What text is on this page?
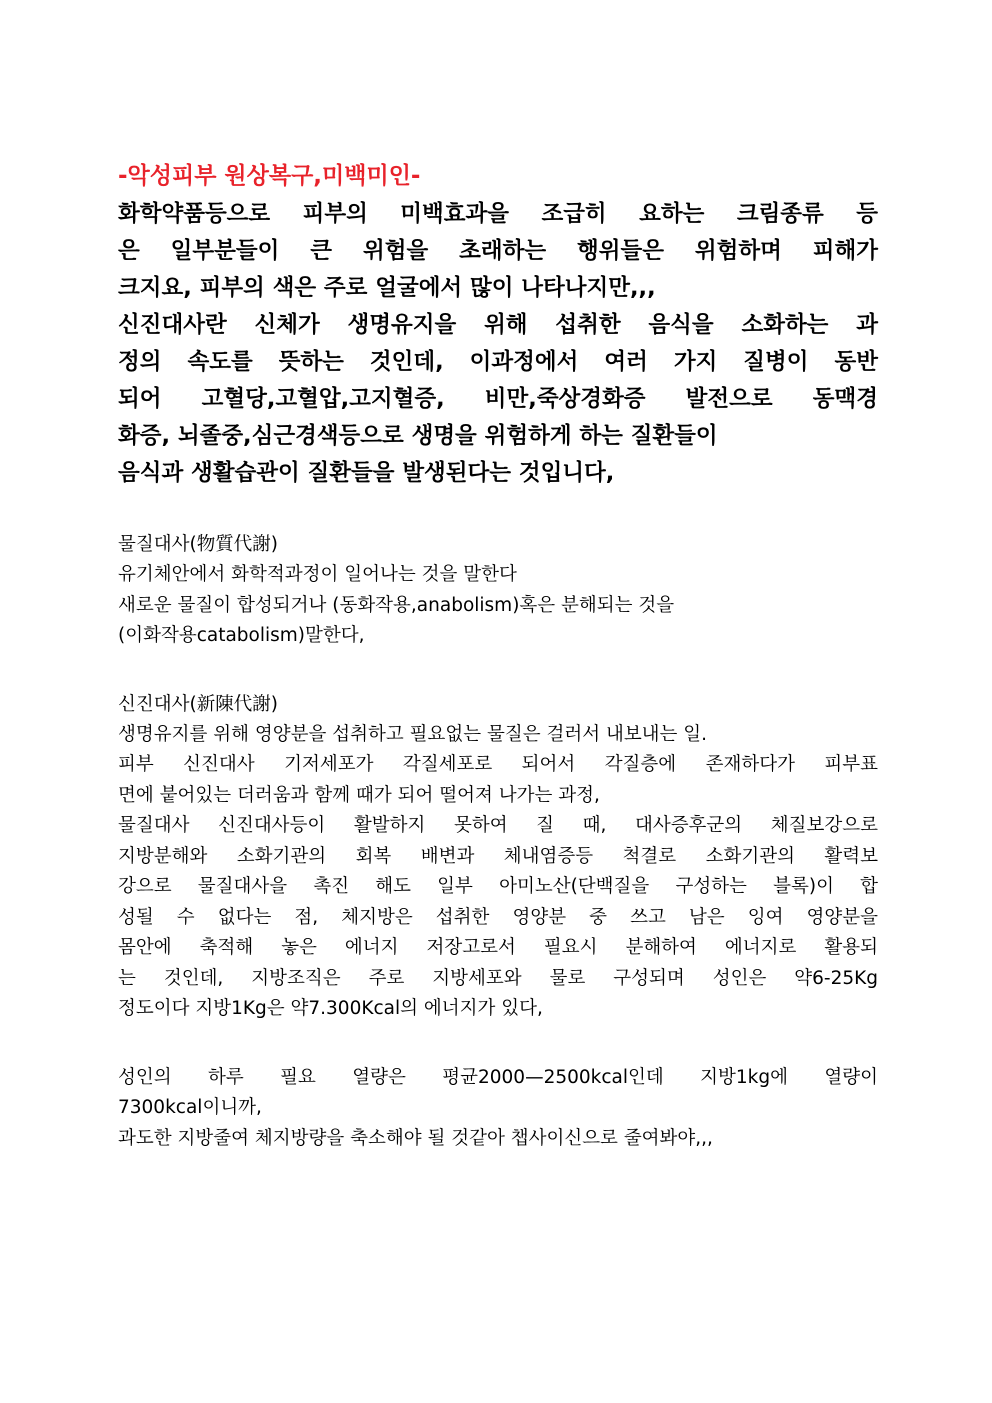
-악성피부 원상복구,미백미인-
화학약품등으로 피부의 미백효과을 조급히 요하는 크림종류 등
은 일부분들이 큰 위험을 초래하는 행위들은 위험하며 피해가
크지요, 피부의 색은 주로 얼굴에서 많이 나타나지만,,,
신진대사란 신체가 생명유지을 위해 섭취한 음식을 소화하는 과
정의 속도를 뜻하는 것인데, 이과정에서 여러 가지 질병이 동반
되어 고혈당,고혈압,고지혈증, 비만,죽상경화증 발전으로 동맥경
화증, 뇌졸중,심근경색등으로 생명을 위험하게 하는 질환들이
음식과 생활습관이 질환들을 발생된다는 것입니다,
물질대사(物質代謝)
유기체안에서 화학적과정이 일어나는 것을 말한다
새로운 물질이 합성되거나 (동화작용,anabolism)혹은 분해되는 것을
(이화작용catabolism)말한다,
신진대사(新陳代謝)
생명유지를 위해 영양분을 섭취하고 필요없는 물질은 걸러서 내보내는 일.
피부 신진대사 기저세포가 각질세포로 되어서 각질층에 존재하다가 피부표
면에 붙어있는 더러움과 함께 때가 되어 떨어져 나가는 과정,
물질대사 신진대사등이 활발하지 못하여 질 때, 대사증후군의 체질보강으로
지방분해와 소화기관의 회복 배변과 체내염증등 척결로 소화기관의 활력보
강으로 물질대사을 촉진 해도 일부 아미노산(단백질을 구성하는 블록)이 합
성될 수 없다는 점, 체지방은 섭취한 영양분 중 쓰고 남은 잉여 영양분을
몸안에 축적해 놓은 에너지 저장고로서 필요시 분해하여 에너지로 활용되
는 것인데, 지방조직은 주로 지방세포와 물로 구성되며 성인은 약6-25Kg
정도이다 지방1Kg은 약7.300Kcal의 에너지가 있다,
성인의 하루 필요 열량은 평균2000—2500kcal인데 지방1kg에 열량이
7300kcal이니까,
과도한 지방줄여 체지방량을 축소해야 될 것같아 챕사이신으로 줄여봐야,,,
